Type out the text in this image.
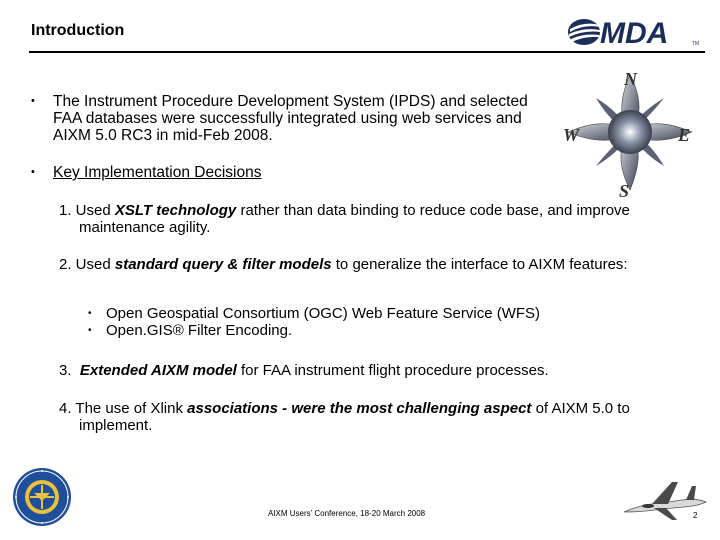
Introduction	MDA	TM
N
E
S
W
• The Instrument Procedure Development System (IPDS) and selected FAA databases were successfully integrated using web services and AIXM 5.0 RC3 in mid-Feb 2008.
• Key Implementation Decisions
1. Used XSLT technology rather than data binding to reduce code base, and improve maintenance agility.
2. Used standard query & filter models to generalize the interface to AIXM features:
• Open Geospatial Consortium (OGC) Web Feature Service (WFS)
• Open.GIS® Filter Encoding.
3. Extended AIXM model for FAA instrument flight procedure processes.
4. The use of Xlink associations - were the most challenging aspect of AIXM 5.0 to implement.
AIXM Users’ Conference, 18-20 March 2008	2
